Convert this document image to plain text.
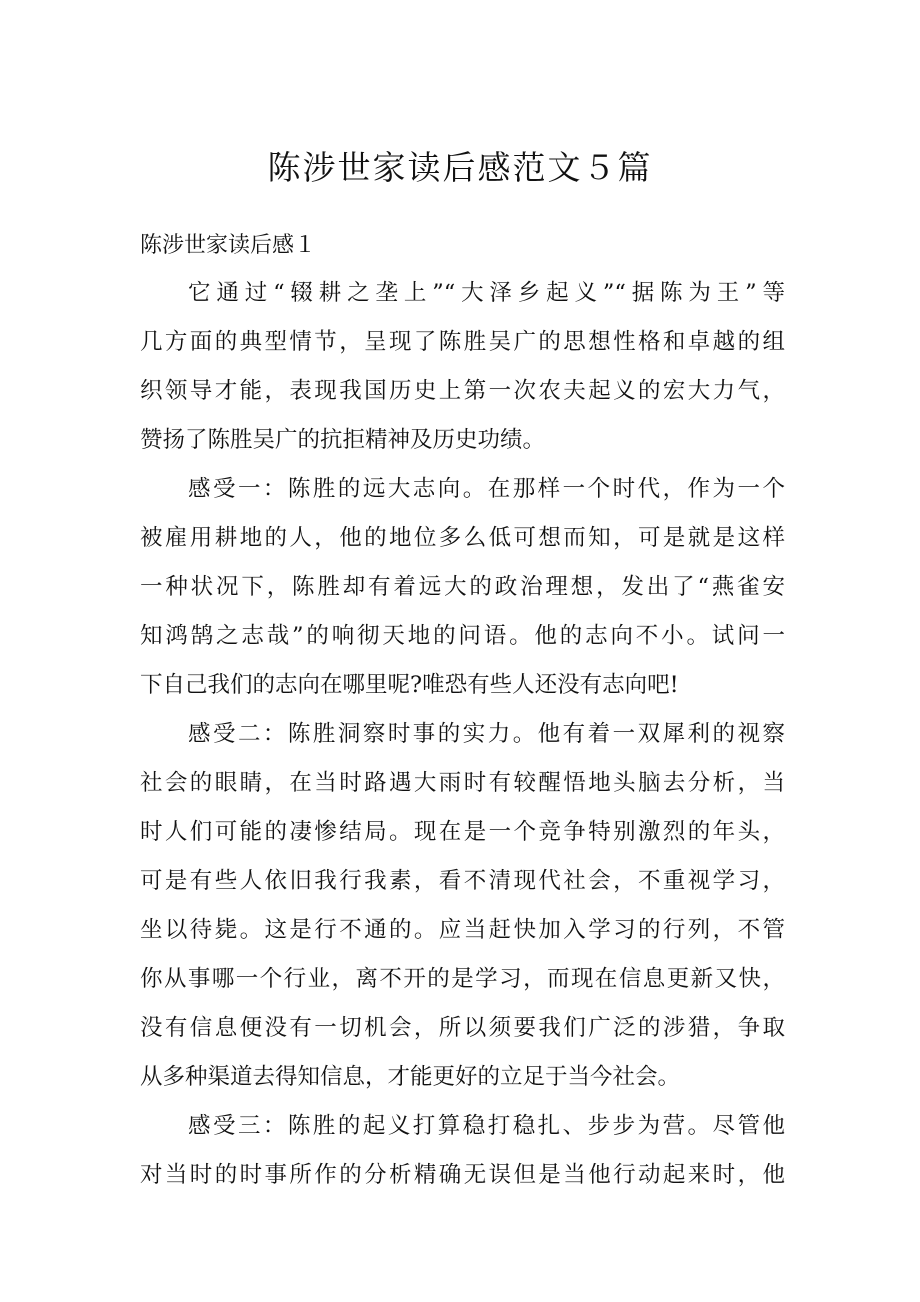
陈涉世家读后感范文５篇
陈涉世家读后感１
它通过“辍耕之垄上”“大泽乡起义”“据陈为王”等
几方面的典型情节，呈现了陈胜吴广的思想性格和卓越的组
织领导才能，表现我国历史上第一次农夫起义的宏大力气，
赞扬了陈胜吴广的抗拒精神及历史功绩。
感受一：陈胜的远大志向。在那样一个时代，作为一个
被雇用耕地的人，他的地位多么低可想而知，可是就是这样
一种状况下，陈胜却有着远大的政治理想，发出了“燕雀安
知鸿鹄之志哉”的响彻天地的问语。他的志向不小。试问一
下自己我们的志向在哪里呢?唯恐有些人还没有志向吧!
感受二：陈胜洞察时事的实力。他有着一双犀利的视察
社会的眼睛，在当时路遇大雨时有较醒悟地头脑去分析，当
时人们可能的凄惨结局。现在是一个竞争特别激烈的年头，
可是有些人依旧我行我素，看不清现代社会，不重视学习，
坐以待毙。这是行不通的。应当赶快加入学习的行列，不管
你从事哪一个行业，离不开的是学习，而现在信息更新又快，
没有信息便没有一切机会，所以须要我们广泛的涉猎，争取
从多种渠道去得知信息，才能更好的立足于当今社会。
感受三：陈胜的起义打算稳打稳扎、步步为营。尽管他
对当时的时事所作的分析精确无误但是当他行动起来时，他
